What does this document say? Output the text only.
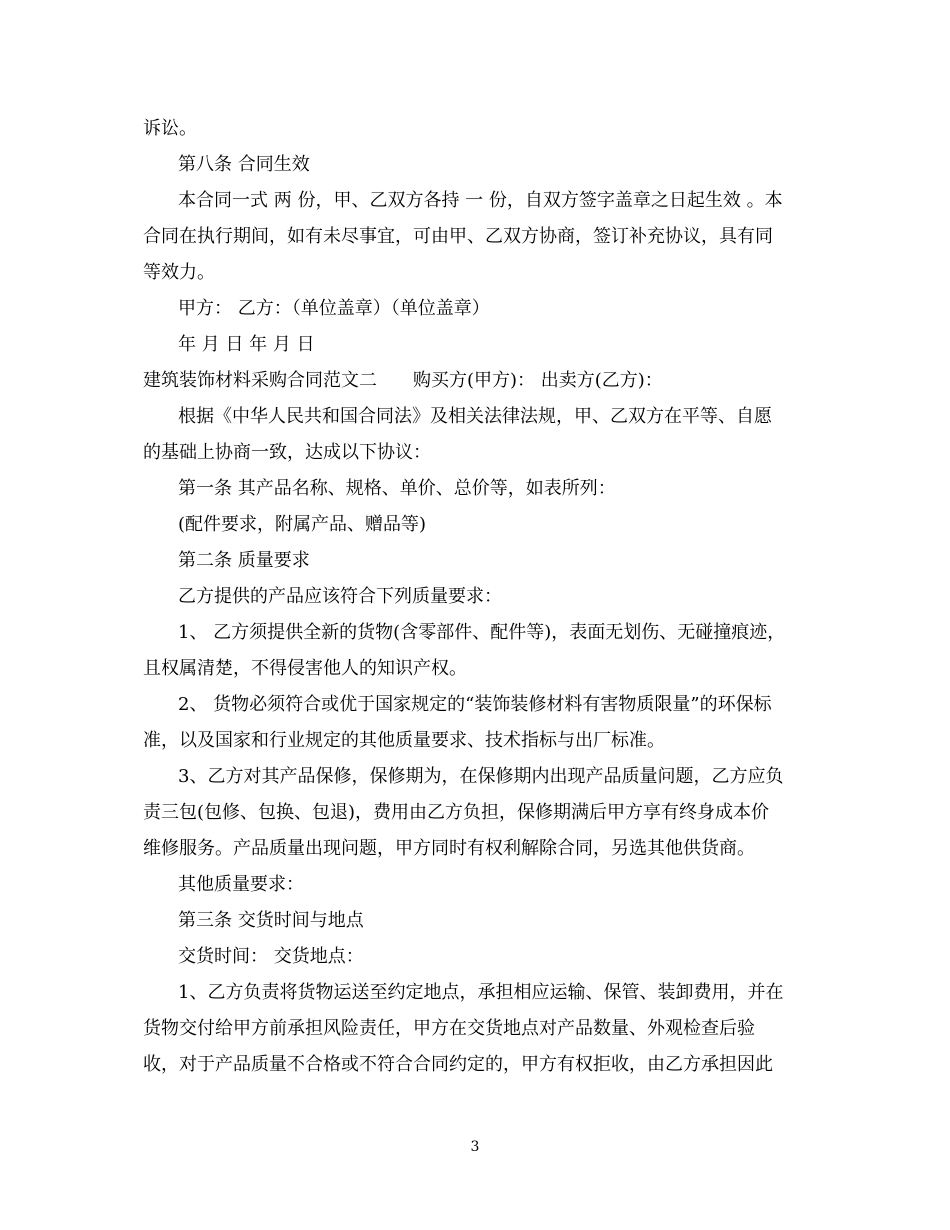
诉讼。
第八条 合同生效
本合同一式 两 份，甲、乙双方各持 一 份，自双方签字盖章之日起生效 。本
合同在执行期间，如有未尽事宜，可由甲、乙双方协商，签订补充协议，具有同
等效力。
甲方： 乙方：（单位盖章）（单位盖章）
年 月 日 年 月 日
建筑装饰材料采购合同范文二　　购买方(甲方)： 出卖方(乙方)：
根据《中华人民共和国合同法》及相关法律法规，甲、乙双方在平等、自愿
的基础上协商一致，达成以下协议：
第一条 其产品名称、规格、单价、总价等，如表所列：
(配件要求，附属产品、赠品等)
第二条 质量要求
乙方提供的产品应该符合下列质量要求：
1、 乙方须提供全新的货物(含零部件、配件等)，表面无划伤、无碰撞痕迹，
且权属清楚，不得侵害他人的知识产权。
2、 货物必须符合或优于国家规定的“装饰装修材料有害物质限量”的环保标
准，以及国家和行业规定的其他质量要求、技术指标与出厂标准。
3、乙方对其产品保修，保修期为，在保修期内出现产品质量问题，乙方应负
责三包(包修、包换、包退)，费用由乙方负担，保修期满后甲方享有终身成本价
维修服务。产品质量出现问题，甲方同时有权利解除合同，另选其他供货商。
其他质量要求：
第三条 交货时间与地点
交货时间： 交货地点：
1、乙方负责将货物运送至约定地点，承担相应运输、保管、装卸费用，并在
货物交付给甲方前承担风险责任，甲方在交货地点对产品数量、外观检查后验
收，对于产品质量不合格或不符合合同约定的，甲方有权拒收，由乙方承担因此
3
